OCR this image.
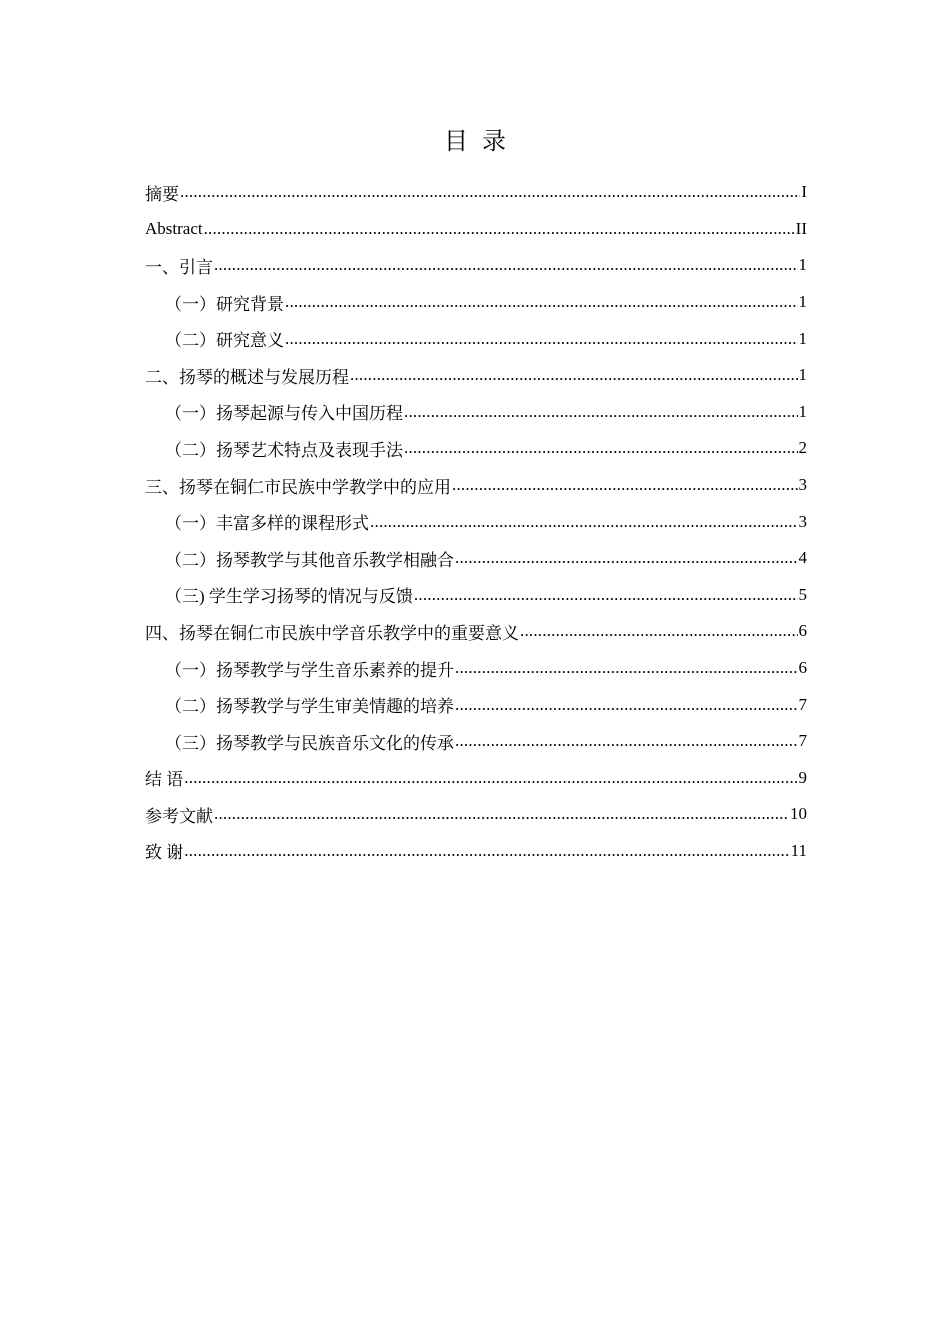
目录
摘要 .....	I
Abstract .....	II
一、引言 .....	1
（一）研究背景 .....	1
（二）研究意义 .....	1
二、扬琴的概述与发展历程 .....	1
（一）扬琴起源与传入中国历程 .....	1
（二）扬琴艺术特点及表现手法 .....	2
三、扬琴在铜仁市民族中学教学中的应用 .....	3
（一）丰富多样的课程形式 .....	3
（二）扬琴教学与其他音乐教学相融合 .....	4
（三) 学生学习扬琴的情况与反馈 .....	5
四、扬琴在铜仁市民族中学音乐教学中的重要意义 .....	6
（一）扬琴教学与学生音乐素养的提升 .....	6
（二）扬琴教学与学生审美情趣的培养 .....	7
（三）扬琴教学与民族音乐文化的传承 .....	7
结 语 .....	9
参考文献 .....	10
致 谢 .....	11
